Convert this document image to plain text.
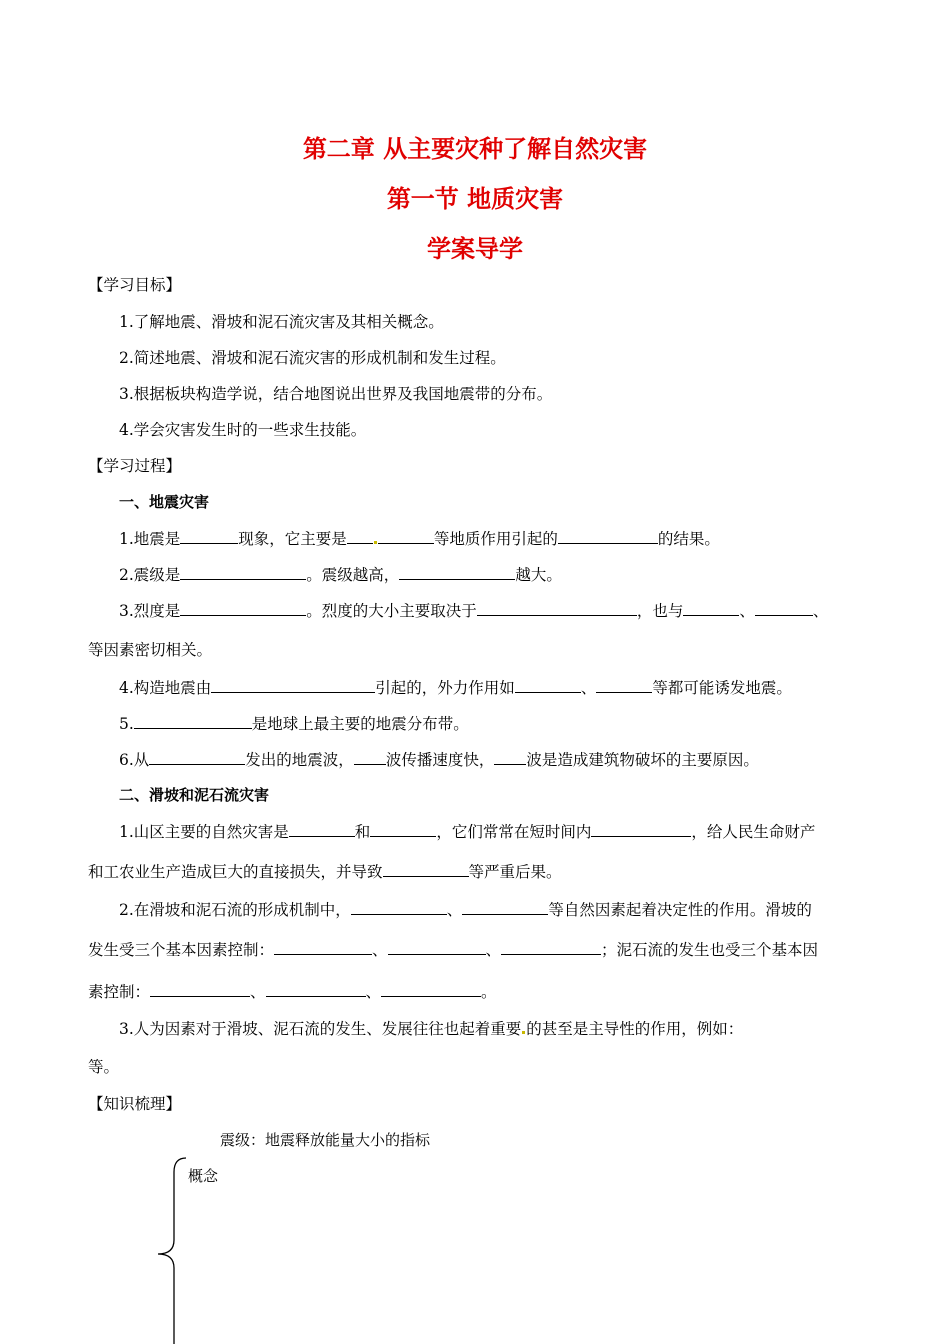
第二章 从主要灾种了解自然灾害
第一节 地质灾害
学案导学
【学习目标】
1.了解地震、滑坡和泥石流灾害及其相关概念。
2.简述地震、滑坡和泥石流灾害的形成机制和发生过程。
3.根据板块构造学说，结合地图说出世界及我国地震带的分布。
4.学会灾害发生时的一些求生技能。
【学习过程】
一、地震灾害
1.地震是	现象，它主要是	等地质作用引起的	的结果。
2.震级是	。震级越高，	越大。
3.烈度是	。烈度的大小主要取决于	，也与	、	、
等因素密切相关。
4.构造地震由	引起的，外力作用如	、	等都可能诱发地震。
5.	是地球上最主要的地震分布带。
6.从	发出的地震波， 波传播速度快， 波是造成建筑物破坏的主要原因。
二、滑坡和泥石流灾害
1.山区主要的自然灾害是	和	，它们常常在短时间内	，给人民生命财产
和工农业生产造成巨大的直接损失，并导致	等严重后果。
2.在滑坡和泥石流的形成机制中，	、	等自然因素起着决定性的作用。滑坡的
发生受三个基本因素控制：	、	、	；泥石流的发生也受三个基本因
素控制：	、	、	。
3.人为因素对于滑坡、泥石流的发生、发展往往也起着重要 的甚至是主导性的作用，例如：
等。
【知识梳理】
震级：地震释放能量大小的指标
概念
